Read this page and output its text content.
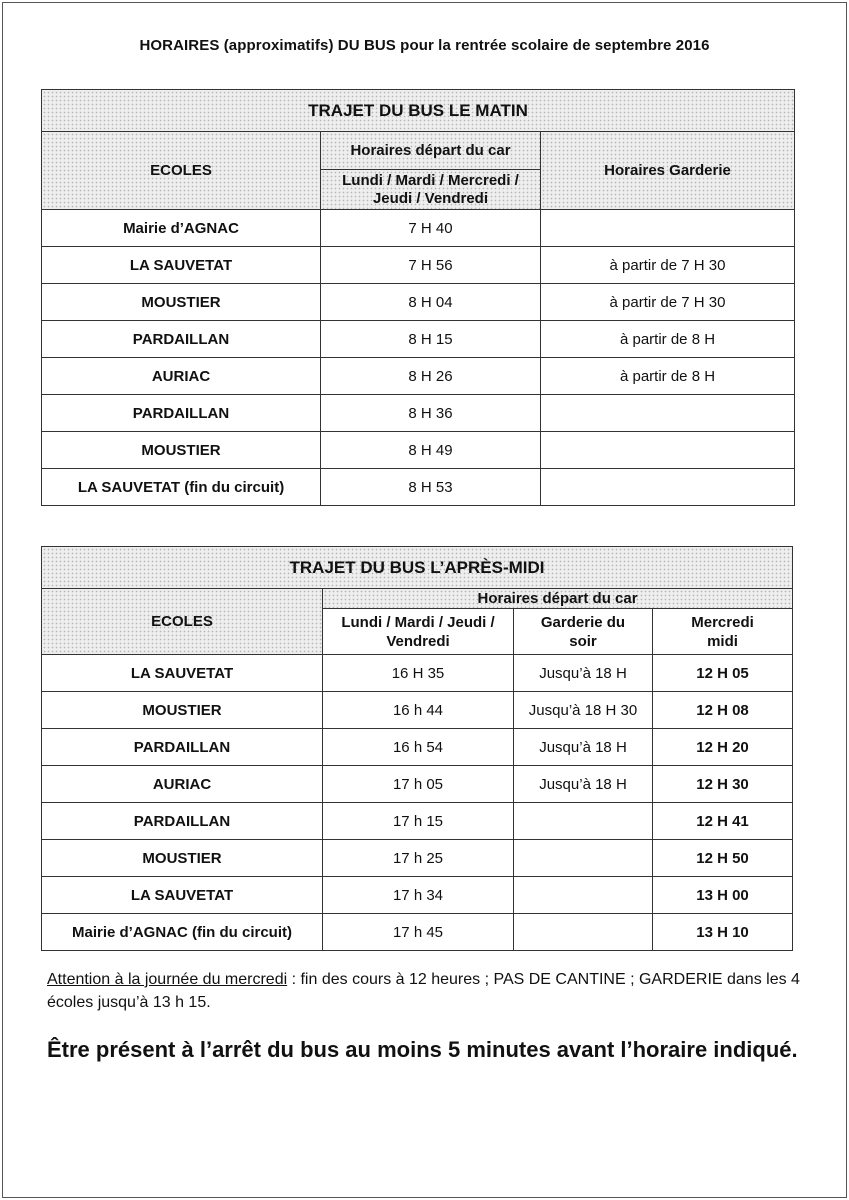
HORAIRES (approximatifs) DU BUS pour la rentrée scolaire de septembre 2016
TRAJET DU BUS LE MATIN		
ECOLES	Horaires départ du car	Horaires Garderie
	Lundi / Mardi / Mercredi / Jeudi / Vendredi	
Mairie d’AGNAC	7 H 40	
LA SAUVETAT	7 H 56	à partir de 7 H 30
MOUSTIER	8 H 04	à partir de 7 H 30
PARDAILLAN	8 H 15	à partir de 8 H
AURIAC	8 H 26	à partir de 8 H
PARDAILLAN	8 H 36	
MOUSTIER	8 H 49	
LA SAUVETAT (fin du circuit)	8 H 53	
TRAJET DU BUS L’APRÈS-MIDI			
ECOLES	Horaires départ du car		
	Lundi / Mardi / Jeudi / Vendredi	Garderie du soir	Mercredi midi
LA SAUVETAT	16 H 35	Jusqu’à 18 H	12 H 05
MOUSTIER	16 h 44	Jusqu’à 18 H 30	12 H 08
PARDAILLAN	16 h 54	Jusqu’à 18 H	12 H 20
AURIAC	17 h 05	Jusqu’à 18 H	12 H 30
PARDAILLAN	17 h 15		12 H 41
MOUSTIER	17 h 25		12 H 50
LA SAUVETAT	17 h 34		13 H 00
Mairie d’AGNAC (fin du circuit)	17 h 45		13 H 10
Attention à la journée du mercredi : fin des cours à 12 heures ; PAS DE CANTINE ; GARDERIE dans les 4 écoles jusqu’à 13 h 15.
Être présent à l’arrêt du bus au moins 5 minutes avant l’horaire indiqué.
